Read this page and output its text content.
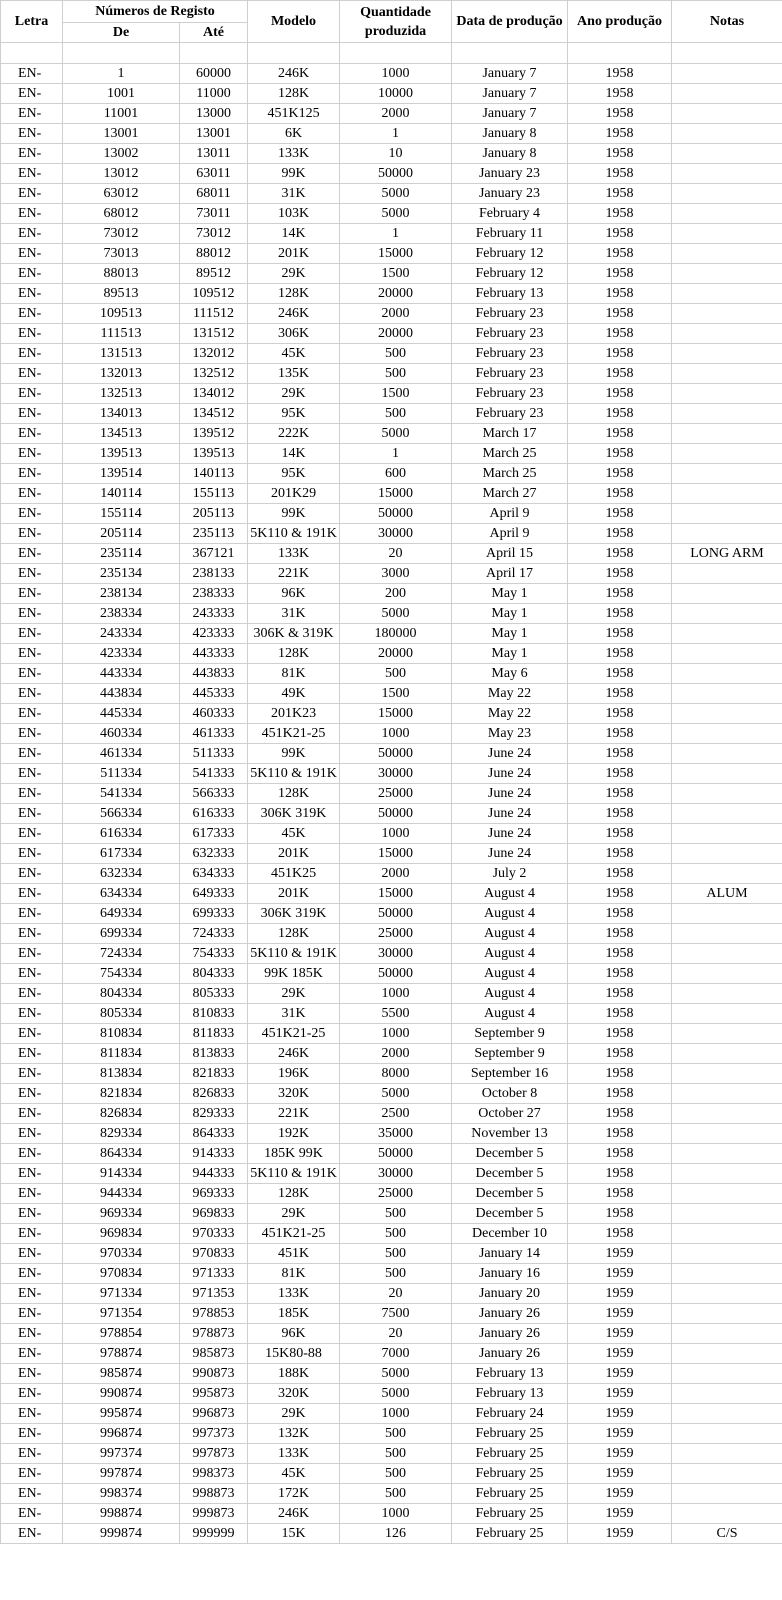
Letra	Números de Registo		Modelo	Quantidade produzida	Data de produção	Ano produção	Notas
	De	Até					

EN-	1	60000	246K	1000	January 7	1958	
EN-	1001	11000	128K	10000	January 7	1958	
EN-	11001	13000	451K125	2000	January 7	1958	
EN-	13001	13001	6K	1	January 8	1958	
EN-	13002	13011	133K	10	January 8	1958	
EN-	13012	63011	99K	50000	January 23	1958	
EN-	63012	68011	31K	5000	January 23	1958	
EN-	68012	73011	103K	5000	February 4	1958	
EN-	73012	73012	14K	1	February 11	1958	
EN-	73013	88012	201K	15000	February 12	1958	
EN-	88013	89512	29K	1500	February 12	1958	
EN-	89513	109512	128K	20000	February 13	1958	
EN-	109513	111512	246K	2000	February 23	1958	
EN-	111513	131512	306K	20000	February 23	1958	
EN-	131513	132012	45K	500	February 23	1958	
EN-	132013	132512	135K	500	February 23	1958	
EN-	132513	134012	29K	1500	February 23	1958	
EN-	134013	134512	95K	500	February 23	1958	
EN-	134513	139512	222K	5000	March 17	1958	
EN-	139513	139513	14K	1	March 25	1958	
EN-	139514	140113	95K	600	March 25	1958	
EN-	140114	155113	201K29	15000	March 27	1958	
EN-	155114	205113	99K	50000	April 9	1958	
EN-	205114	235113	5K110 & 191K	30000	April 9	1958	
EN-	235114	367121	133K	20	April 15	1958	LONG ARM
EN-	235134	238133	221K	3000	April 17	1958	
EN-	238134	238333	96K	200	May 1	1958	
EN-	238334	243333	31K	5000	May 1	1958	
EN-	243334	423333	306K & 319K	180000	May 1	1958	
EN-	423334	443333	128K	20000	May 1	1958	
EN-	443334	443833	81K	500	May 6	1958	
EN-	443834	445333	49K	1500	May 22	1958	
EN-	445334	460333	201K23	15000	May 22	1958	
EN-	460334	461333	451K21-25	1000	May 23	1958	
EN-	461334	511333	99K	50000	June 24	1958	
EN-	511334	541333	5K110 & 191K	30000	June 24	1958	
EN-	541334	566333	128K	25000	June 24	1958	
EN-	566334	616333	306K 319K	50000	June 24	1958	
EN-	616334	617333	45K	1000	June 24	1958	
EN-	617334	632333	201K	15000	June 24	1958	
EN-	632334	634333	451K25	2000	July 2	1958	
EN-	634334	649333	201K	15000	August 4	1958	ALUM
EN-	649334	699333	306K 319K	50000	August 4	1958	
EN-	699334	724333	128K	25000	August 4	1958	
EN-	724334	754333	5K110 & 191K	30000	August 4	1958	
EN-	754334	804333	99K 185K	50000	August 4	1958	
EN-	804334	805333	29K	1000	August 4	1958	
EN-	805334	810833	31K	5500	August 4	1958	
EN-	810834	811833	451K21-25	1000	September 9	1958	
EN-	811834	813833	246K	2000	September 9	1958	
EN-	813834	821833	196K	8000	September 16	1958	
EN-	821834	826833	320K	5000	October 8	1958	
EN-	826834	829333	221K	2500	October 27	1958	
EN-	829334	864333	192K	35000	November 13	1958	
EN-	864334	914333	185K 99K	50000	December 5	1958	
EN-	914334	944333	5K110 & 191K	30000	December 5	1958	
EN-	944334	969333	128K	25000	December 5	1958	
EN-	969334	969833	29K	500	December 5	1958	
EN-	969834	970333	451K21-25	500	December 10	1958	
EN-	970334	970833	451K	500	January 14	1959	
EN-	970834	971333	81K	500	January 16	1959	
EN-	971334	971353	133K	20	January 20	1959	
EN-	971354	978853	185K	7500	January 26	1959	
EN-	978854	978873	96K	20	January 26	1959	
EN-	978874	985873	15K80-88	7000	January 26	1959	
EN-	985874	990873	188K	5000	February 13	1959	
EN-	990874	995873	320K	5000	February 13	1959	
EN-	995874	996873	29K	1000	February 24	1959	
EN-	996874	997373	132K	500	February 25	1959	
EN-	997374	997873	133K	500	February 25	1959	
EN-	997874	998373	45K	500	February 25	1959	
EN-	998374	998873	172K	500	February 25	1959	
EN-	998874	999873	246K	1000	February 25	1959	
EN-	999874	999999	15K	126	February 25	1959	C/S
